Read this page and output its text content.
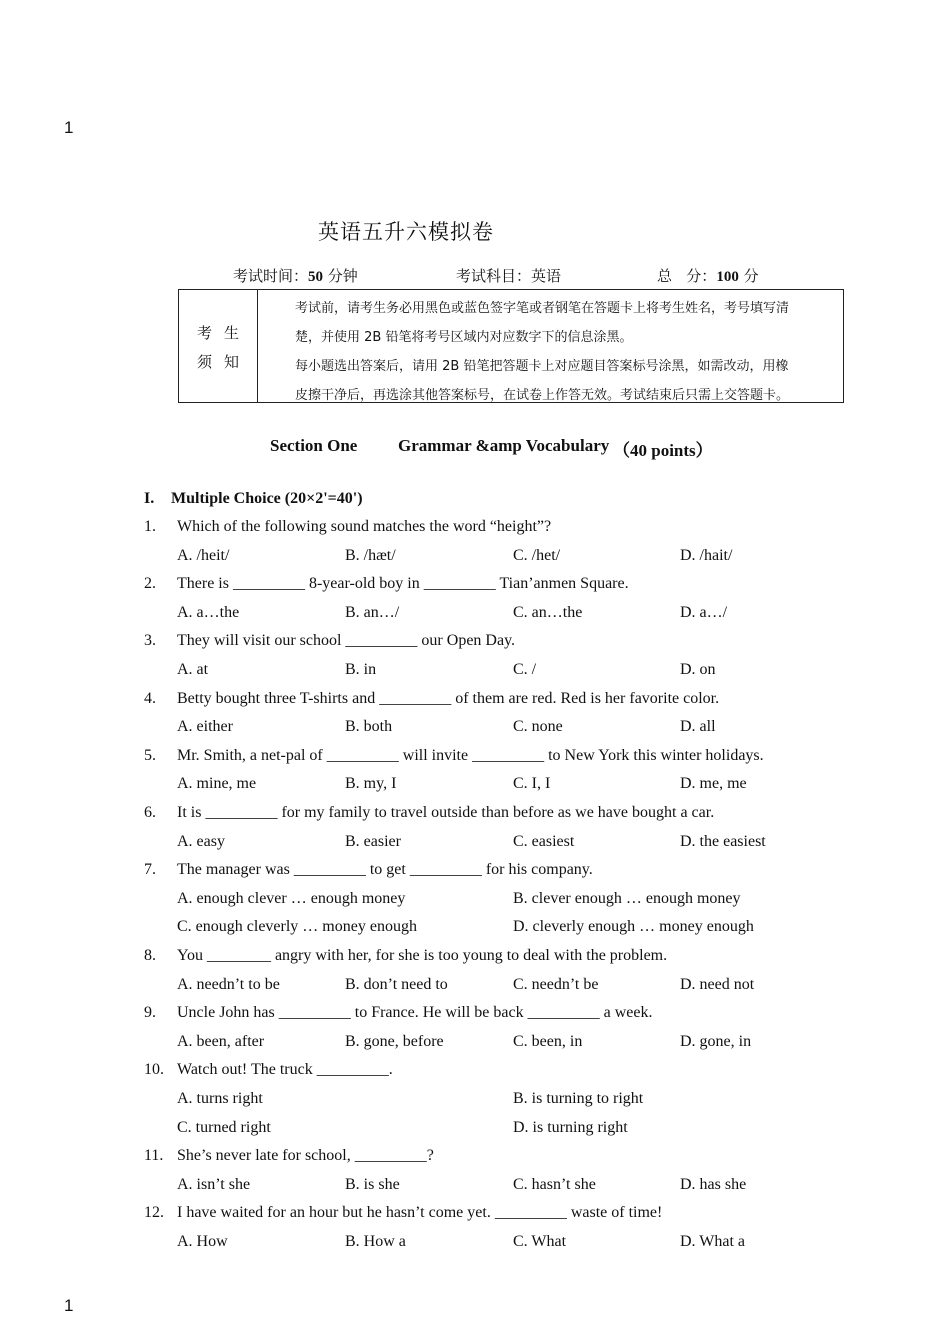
1
1
英语五升六模拟卷
考试时间：50 分钟	考试科目：英语	总   分：100 分
考生
须知
考试前，请考生务必用黑色或蓝色签字笔或者钢笔在答题卡上将考生姓名，考号填写清
楚，并使用 2B 铅笔将考号区域内对应数字下的信息涂黑。
每小题选出答案后，请用 2B 铅笔把答题卡上对应题目答案标号涂黑，如需改动，用橡
皮擦干净后，再选涂其他答案标号，在试卷上作答无效。考试结束后只需上交答题卡。
Section One Grammar &amp Vocabulary （40 points）
I. Multiple Choice (20×2'=40')
1. Which of the following sound matches the word “height”?
A. /heit/	B. /hæt/	C. /het/	D. /hait/
2. There is _________ 8-year-old boy in _________ Tian’anmen Square.
A. a…the	B. an…/	C. an…the	D. a…/
3. They will visit our school _________ our Open Day.
A. at	B. in	C. /	D. on
4. Betty bought three T-shirts and _________ of them are red. Red is her favorite color.
A. either	B. both	C. none	D. all
5. Mr. Smith, a net-pal of _________ will invite _________ to New York this winter holidays.
A. mine, me	B. my, I	C. I, I	D. me, me
6. It is _________ for my family to travel outside than before as we have bought a car.
A. easy	B. easier	C. easiest	D. the easiest
7. The manager was _________ to get _________ for his company.
A. enough clever … enough money	B. clever enough … enough money
C. enough cleverly … money enough	D. cleverly enough … money enough
8. You ________ angry with her, for she is too young to deal with the problem.
A. needn’t to be	B. don’t need to	C. needn’t be	D. need not
9. Uncle John has _________ to France. He will be back _________ a week.
A. been, after	B. gone, before	C. been, in	D. gone, in
10. Watch out! The truck _________.
A. turns right	B. is turning to right
C. turned right	D. is turning right
11. She’s never late for school, _________?
A. isn’t she	B. is she	C. hasn’t she	D. has she
12. I have waited for an hour but he hasn’t come yet. _________ waste of time!
A. How	B. How a	C. What	D. What a
